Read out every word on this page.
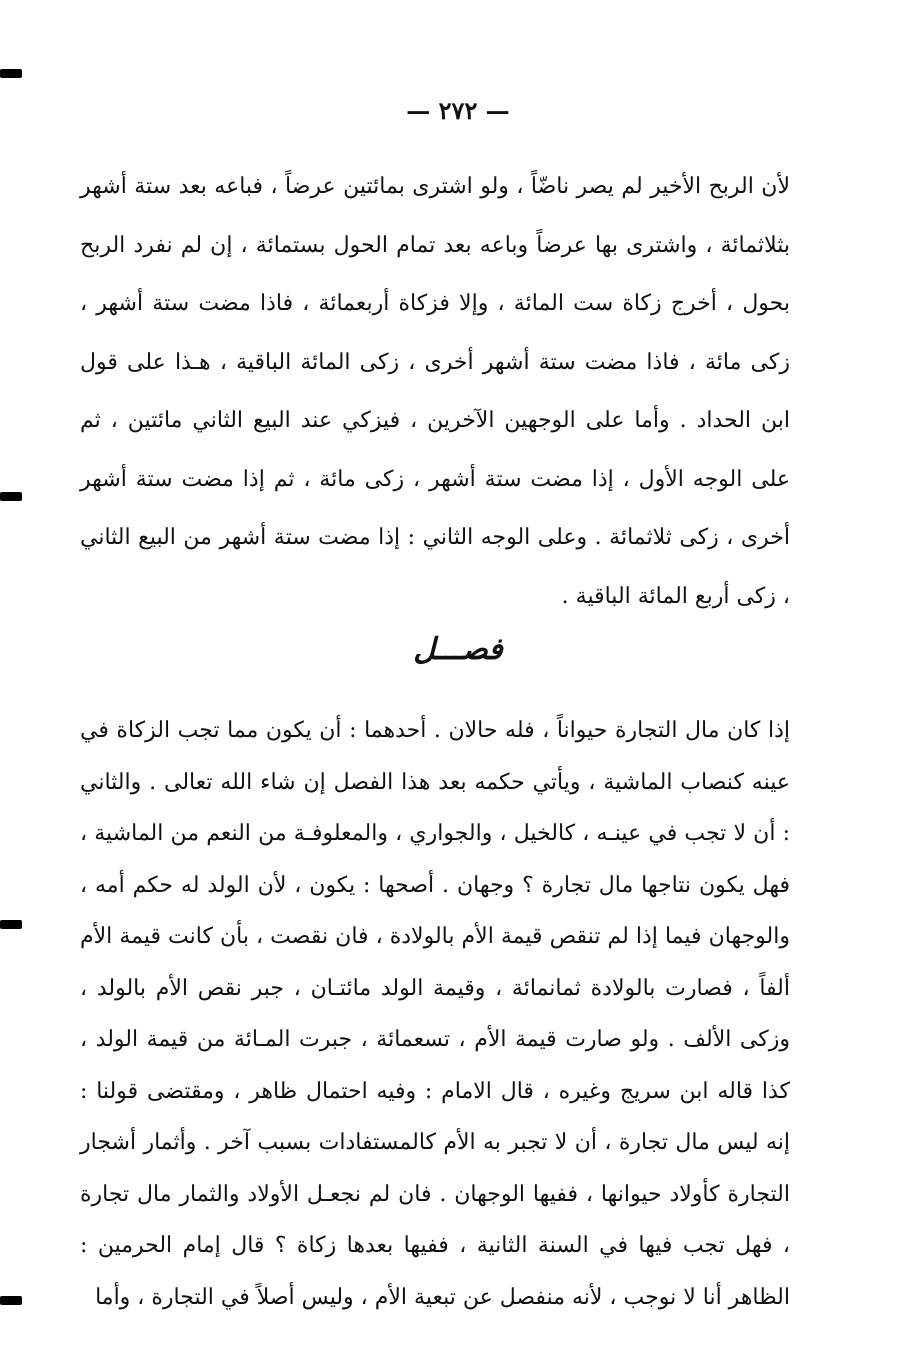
— ٢٧٢ —

لأن الربح الأخير لم يصر ناضّاً ، ولو اشترى بمائتين عرضاً ، فباعه بعد ستة أشهر بثلاثمائة ، واشترى بها عرضاً وباعه بعد تمام الحول بستمائة ، إن لم نفرد الربح بحول ، أخرج زكاة ست المائة ، وإلا فزكاة أربعمائة ، فاذا مضت ستة أشهر ، زكى مائة ، فاذا مضت ستة أشهر أخرى ، زكى المائة الباقية ، هـذا على قول ابن الحداد . وأما على الوجهين الآخرين ، فيزكي عند البيع الثاني مائتين ، ثم على الوجه الأول ، إذا مضت ستة أشهر ، زكى مائة ، ثم إذا مضت ستة أشهر أخرى ، زكى ثلاثمائة . وعلى الوجه الثاني : إذا مضت ستة أشهر من البيع الثاني ، زكى أربع المائة الباقية .

فصـــل

إذا كان مال التجارة حيواناً ، فله حالان . أحدهما : أن يكون مما تجب الزكاة في عينه كنصاب الماشية ، ويأتي حكمه بعد هذا الفصل إن شاء الله تعالى . والثاني : أن لا تجب في عينـه ، كالخيل ، والجواري ، والمعلوفـة من النعم من الماشية ، فهل يكون نتاجها مال تجارة ؟ وجهان . أصحها : يكون ، لأن الولد له حكم أمه ، والوجهان فيما إذا لم تنقص قيمة الأم بالولادة ، فان نقصت ، بأن كانت قيمة الأم ألفاً ، فصارت بالولادة ثمانمائة ، وقيمة الولد مائتـان ، جبر نقص الأم بالولد ، وزكى الألف . ولو صارت قيمة الأم ، تسعمائة ، جبرت المـائة من قيمة الولد ، كذا قاله ابن سريج وغيره ، قال الامام : وفيه احتمال ظاهر ، ومقتضى قولنا : إنه ليس مال تجارة ، أن لا تجبر به الأم كالمستفادات بسبب آخر . وأثمار أشجار التجارة كأولاد حيوانها ، ففيها الوجهان . فان لم نجعـل الأولاد والثمار مال تجارة ، فهل تجب فيها في السنة الثانية ، ففيها بعدها زكاة ؟ قال إمام الحرمين : الظاهر أنا لا نوجب ، لأنه منفصل عن تبعية الأم ، وليس أصلاً في التجارة ، وأما
